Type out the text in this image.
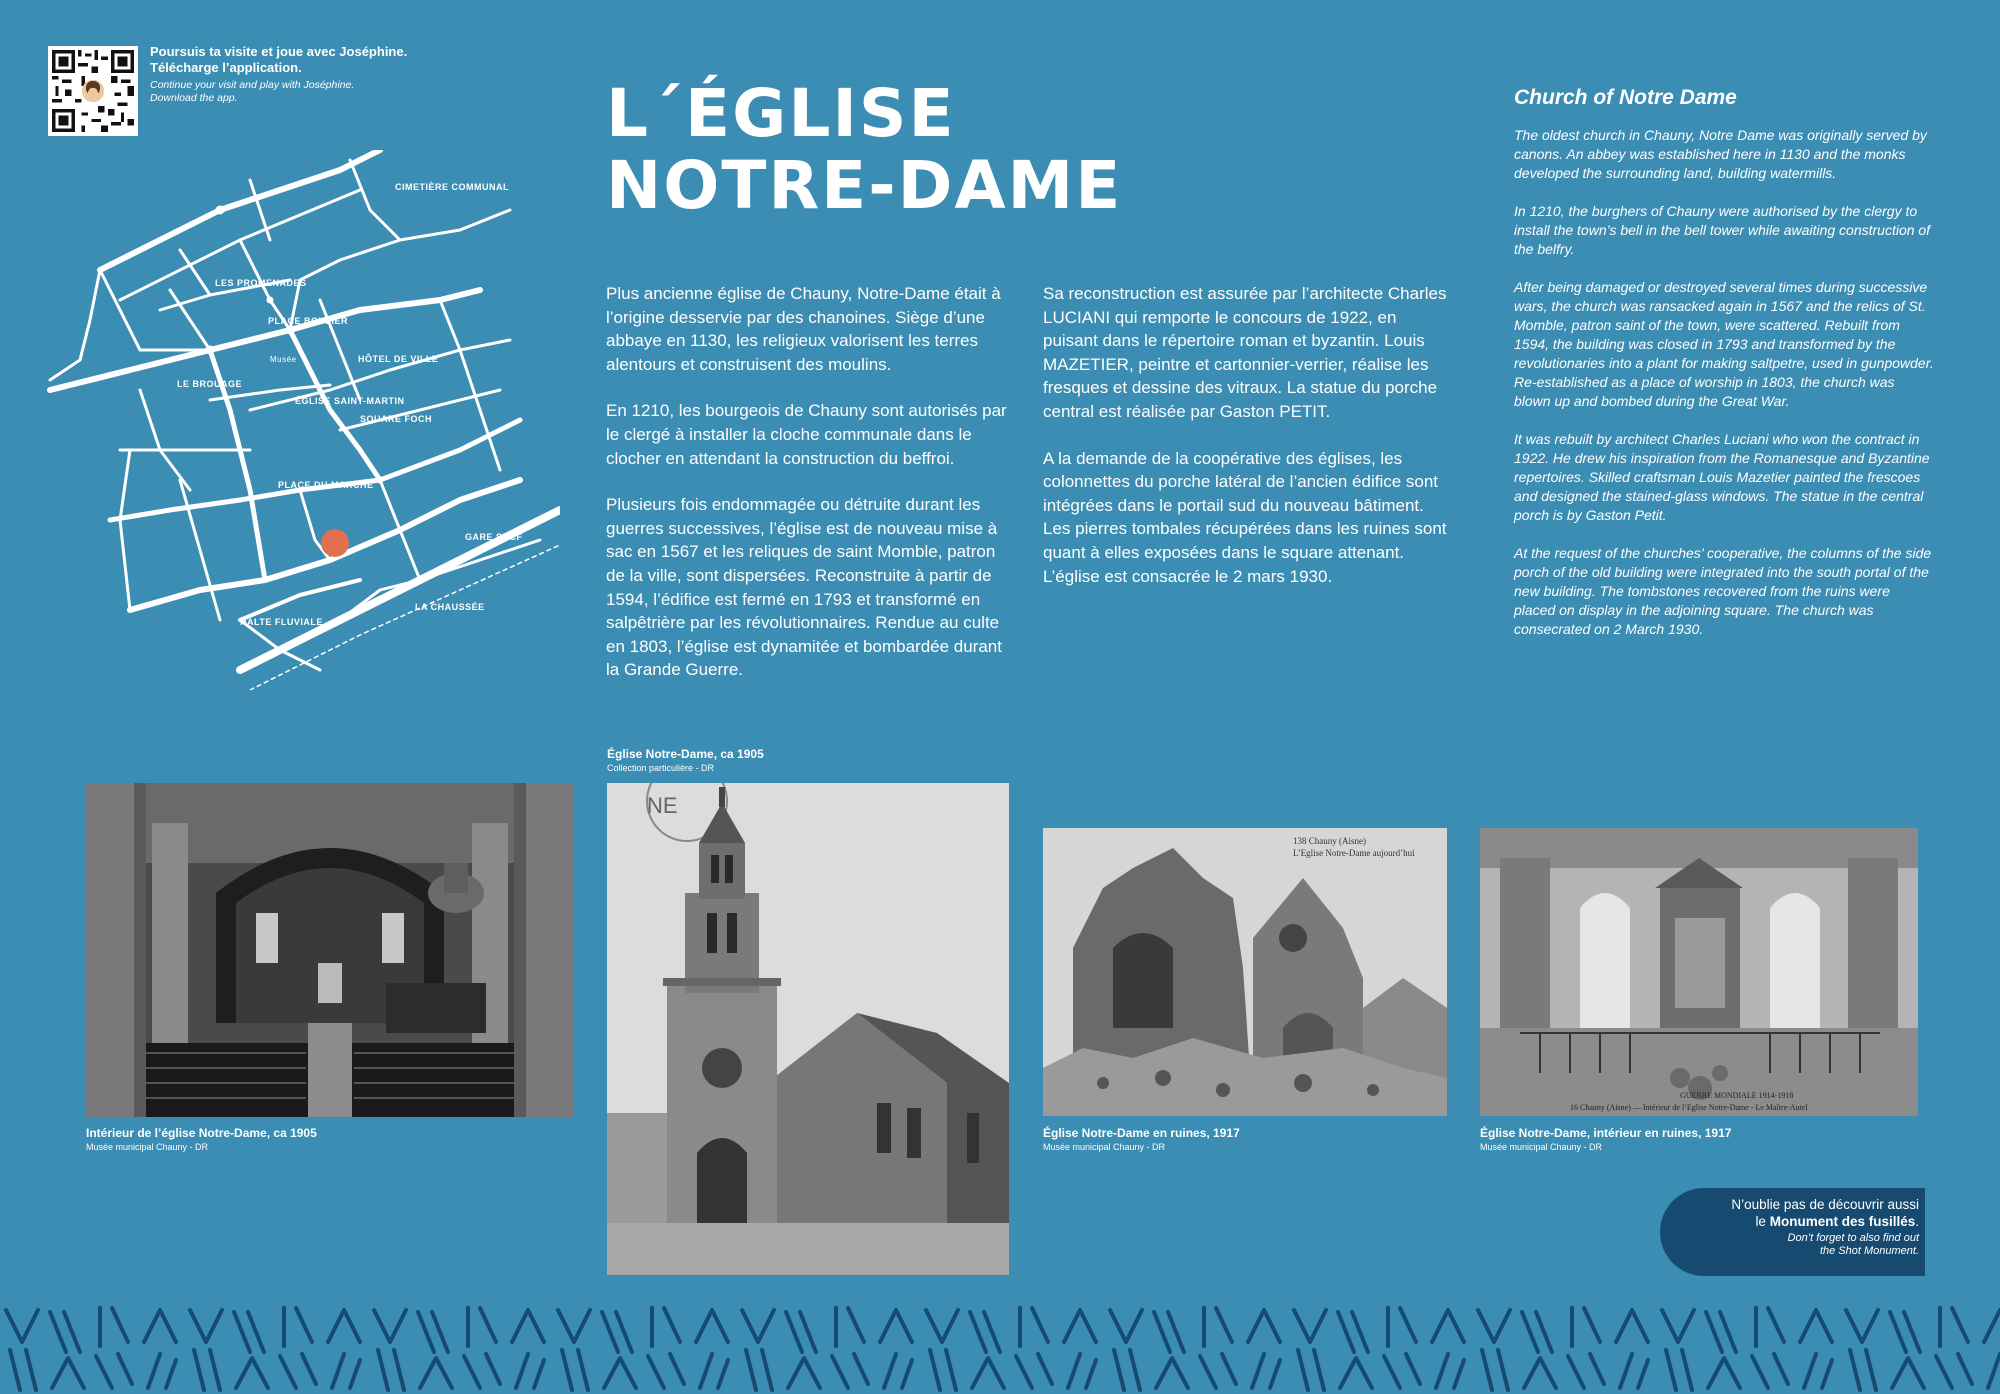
Poursuis ta visite et joue avec Joséphine.
Télécharge l’application.
Continue your visit and play with Joséphine.
Download the app.
CIMETIÈRE COMMUNAL
LES PROMENADES
PLACE BOUZIER
Musée	HÔTEL DE VILLE
LE BROUAGE
ÉGLISE SAINT-MARTIN
SQUARE FOCH
PLACE DU MARCHÉ
GARE SNCF
LA CHAUSSÉE
HALTE FLUVIALE
L´ÉGLISE
NOTRE-DAME

Plus ancienne église de Chauny, Notre-Dame était à l’origine desservie par des chanoines. Siège d’une abbaye en 1130, les religieux valorisent les terres alentours et construisent des moulins.

En 1210, les bourgeois de Chauny sont autorisés par le clergé à installer la cloche communale dans le clocher en attendant la construction du beffroi.

Plusieurs fois endommagée ou détruite durant les guerres successives, l’église est de nouveau mise à sac en 1567 et les reliques de saint Momble, patron de la ville, sont dispersées. Reconstruite à partir de 1594, l’édifice est fermé en 1793 et transformé en salpêtrière par les révolutionnaires. Rendue au culte en 1803, l’église est dynamitée et bombardée durant la Grande Guerre.

Sa reconstruction est assurée par l’architecte Charles LUCIANI qui remporte le concours de 1922, en puisant dans le répertoire roman et byzantin. Louis MAZETIER, peintre et cartonnier-verrier, réalise les fresques et dessine des vitraux. La statue du porche central est réalisée par Gaston PETIT.

A la demande de la coopérative des églises, les colonnettes du porche latéral de l’ancien édifice sont intégrées dans le portail sud du nouveau bâtiment. Les pierres tombales récupérées dans les ruines sont quant à elles exposées dans le square attenant. L’église est consacrée le 2 mars 1930.

Church of Notre Dame

The oldest church in Chauny, Notre Dame was originally served by canons. An abbey was established here in 1130 and the monks developed the surrounding land, building watermills.

In 1210, the burghers of Chauny were authorised by the clergy to install the town’s bell in the bell tower while awaiting construction of the belfry.

After being damaged or destroyed several times during successive wars, the church was ransacked again in 1567 and the relics of St. Momble, patron saint of the town, were scattered. Rebuilt from 1594, the building was closed in 1793 and transformed by the revolutionaries into a plant for making saltpetre, used in gunpowder. Re-established as a place of worship in 1803, the church was blown up and bombed during the Great War.

It was rebuilt by architect Charles Luciani who won the contract in 1922. He drew his inspiration from the Romanesque and Byzantine repertoires. Skilled craftsman Louis Mazetier painted the frescoes and designed the stained-glass windows. The statue in the central porch is by Gaston Petit.

At the request of the churches’ cooperative, the columns of the side porch of the old building were integrated into the south portal of the new building. The tombstones recovered from the ruins were placed on display in the adjoining square. The church was consecrated on 2 March 1930.

Intérieur de l’église Notre-Dame, ca 1905
Musée municipal Chauny - DR
Église Notre-Dame, ca 1905
Collection particulière - DR
NE
138 Chauny (Aisne)
L’Eglise Notre-Dame aujourd’hui
Église Notre-Dame en ruines, 1917
Musée municipal Chauny - DR
GUERRE MONDIALE 1914-1918
16 Chauny (Aisne) — Intérieur de l’Eglise Notre-Dame - Le Maître-Autel
Église Notre-Dame, intérieur en ruines, 1917
Musée municipal Chauny - DR
N’oublie pas de découvrir aussi
le Monument des fusillés.
Don’t forget to also find out
the Shot Monument.
